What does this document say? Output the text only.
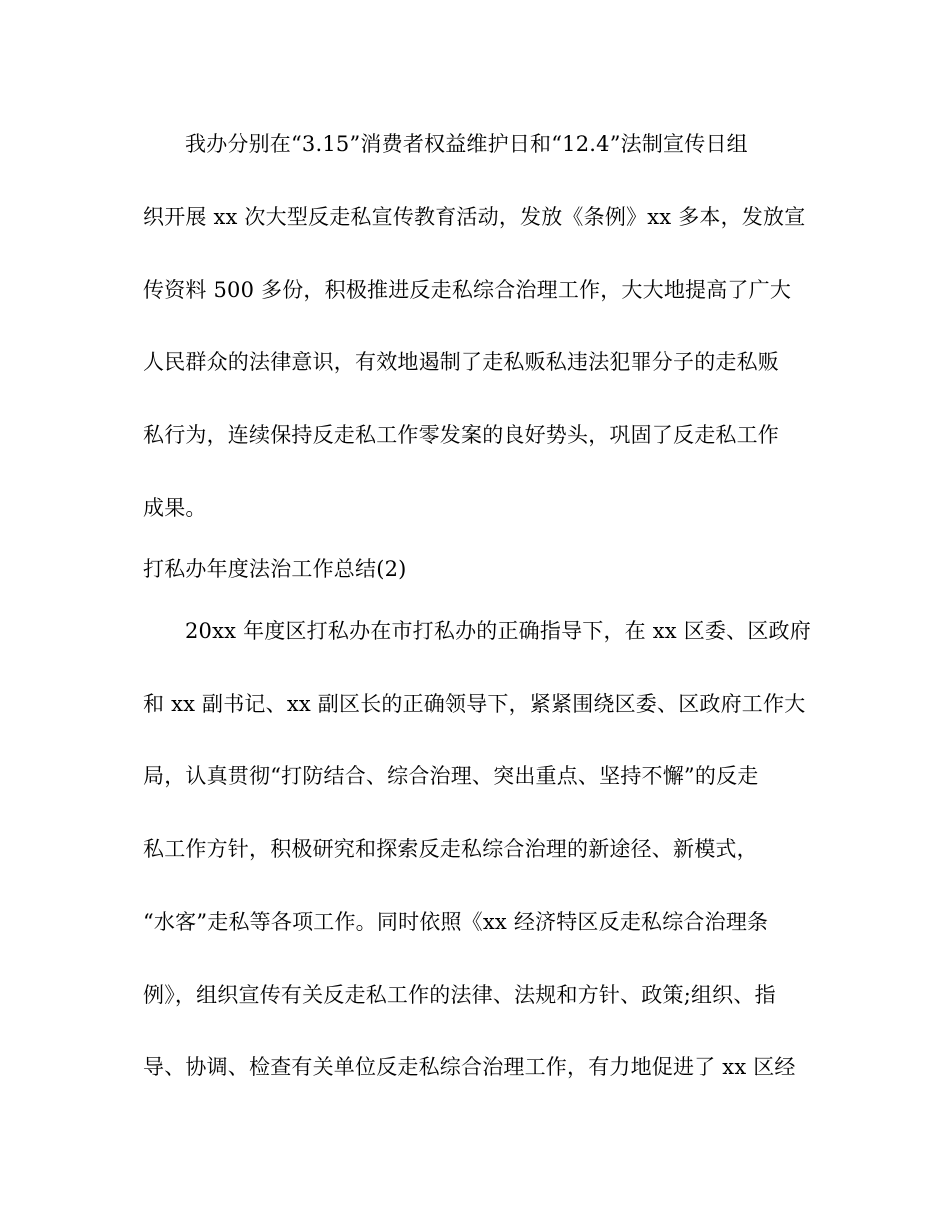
我办分别在“3.15”消费者权益维护日和“12.4”法制宣传日组
织开展 xx 次大型反走私宣传教育活动，发放《条例》xx 多本，发放宣
传资料 500 多份，积极推进反走私综合治理工作，大大地提高了广大
人民群众的法律意识，有效地遏制了走私贩私违法犯罪分子的走私贩
私行为，连续保持反走私工作零发案的良好势头，巩固了反走私工作
成果。
打私办年度法治工作总结(2)
20xx 年度区打私办在市打私办的正确指导下，在 xx 区委、区政府
和 xx 副书记、xx 副区长的正确领导下，紧紧围绕区委、区政府工作大
局，认真贯彻“打防结合、综合治理、突出重点、坚持不懈”的反走
私工作方针，积极研究和探索反走私综合治理的新途径、新模式，
“水客”走私等各项工作。同时依照《xx 经济特区反走私综合治理条
例》，组织宣传有关反走私工作的法律、法规和方针、政策;组织、指
导、协调、检查有关单位反走私综合治理工作，有力地促进了 xx 区经
